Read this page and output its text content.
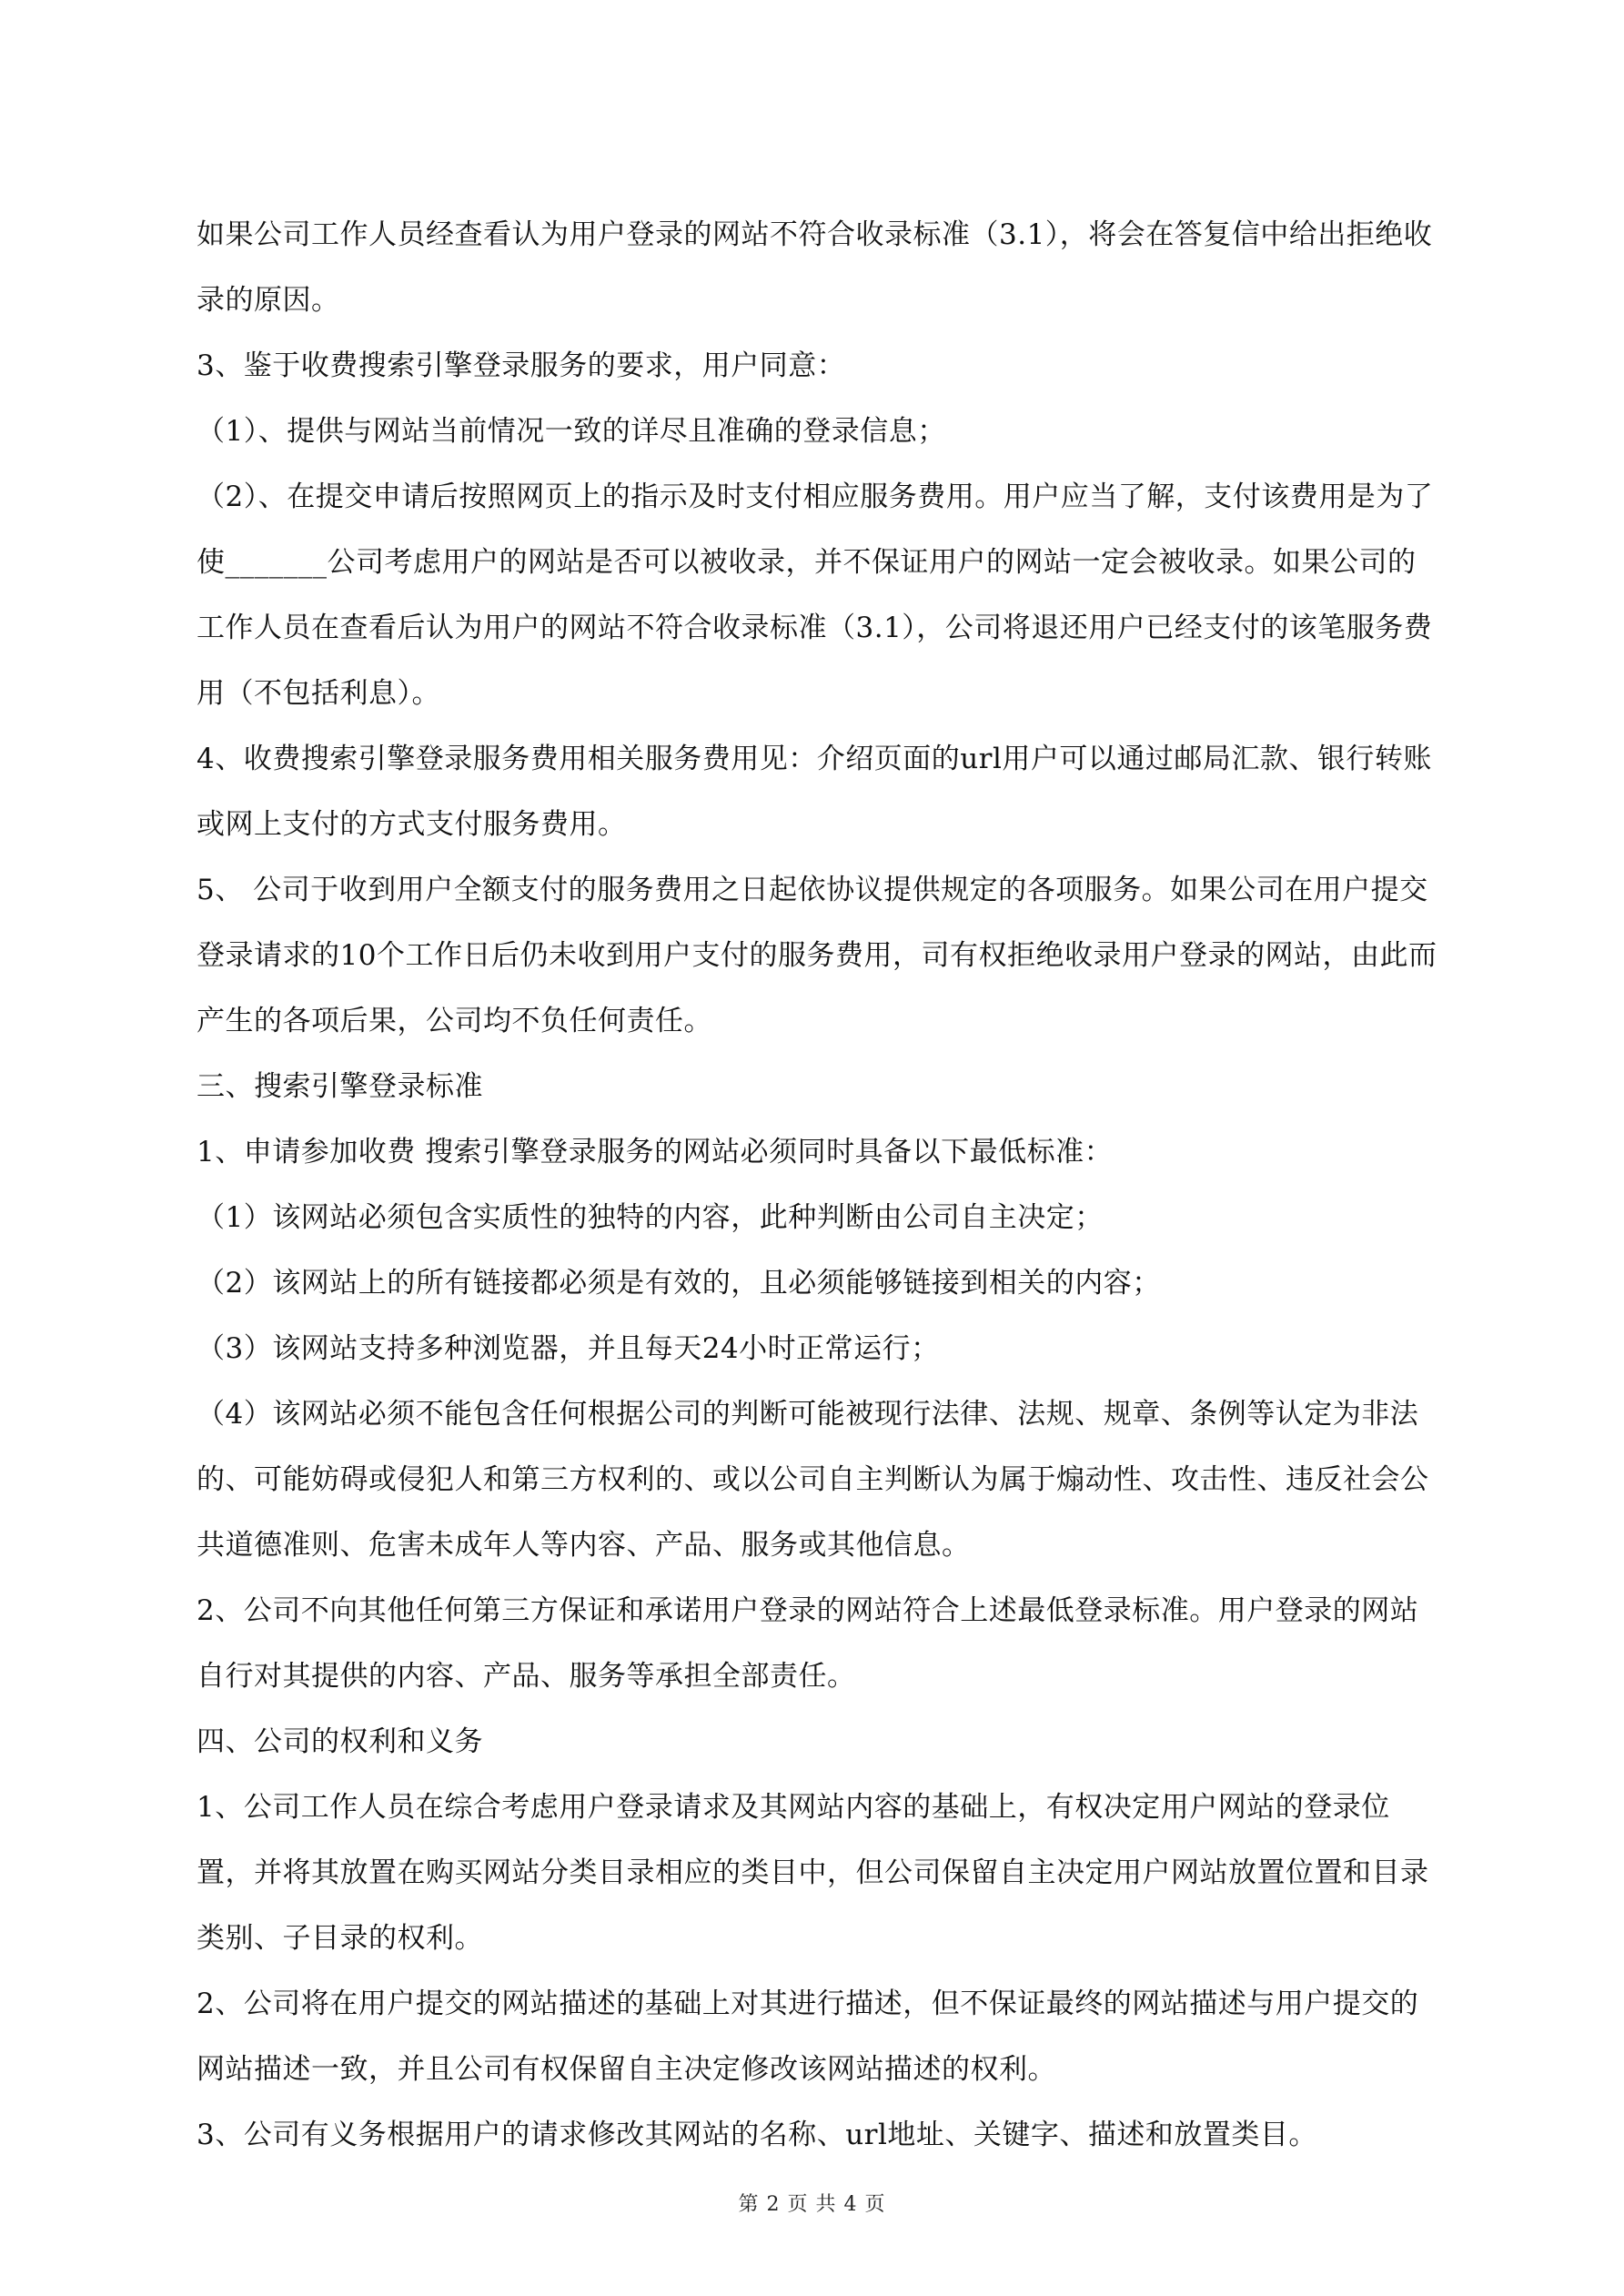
如果公司工作人员经查看认为用户登录的网站不符合收录标准（3.1），将会在答复信中给出拒绝收录的原因。

3、鉴于收费搜索引擎登录服务的要求，用户同意：

（1）、提供与网站当前情况一致的详尽且准确的登录信息；

（2）、在提交申请后按照网页上的指示及时支付相应服务费用。用户应当了解，支付该费用是为了使_______公司考虑用户的网站是否可以被收录，并不保证用户的网站一定会被收录。如果公司的工作人员在查看后认为用户的网站不符合收录标准（3.1），公司将退还用户已经支付的该笔服务费用（不包括利息）。

4、收费搜索引擎登录服务费用相关服务费用见：介绍页面的url用户可以通过邮局汇款、银行转账或网上支付的方式支付服务费用。

5、 公司于收到用户全额支付的服务费用之日起依协议提供规定的各项服务。如果公司在用户提交登录请求的10个工作日后仍未收到用户支付的服务费用，司有权拒绝收录用户登录的网站，由此而产生的各项后果，公司均不负任何责任。

三、搜索引擎登录标准

1、申请参加收费 搜索引擎登录服务的网站必须同时具备以下最低标准：

（1）该网站必须包含实质性的独特的内容，此种判断由公司自主决定；

（2）该网站上的所有链接都必须是有效的，且必须能够链接到相关的内容；

（3）该网站支持多种浏览器，并且每天24小时正常运行；

（4）该网站必须不能包含任何根据公司的判断可能被现行法律、法规、规章、条例等认定为非法的、可能妨碍或侵犯人和第三方权利的、或以公司自主判断认为属于煽动性、攻击性、违反社会公共道德准则、危害未成年人等内容、产品、服务或其他信息。

2、公司不向其他任何第三方保证和承诺用户登录的网站符合上述最低登录标准。用户登录的网站自行对其提供的内容、产品、服务等承担全部责任。

四、公司的权利和义务

1、公司工作人员在综合考虑用户登录请求及其网站内容的基础上，有权决定用户网站的登录位置，并将其放置在购买网站分类目录相应的类目中，但公司保留自主决定用户网站放置位置和目录类别、子目录的权利。

2、公司将在用户提交的网站描述的基础上对其进行描述，但不保证最终的网站描述与用户提交的网站描述一致，并且公司有权保留自主决定修改该网站描述的权利。

3、公司有义务根据用户的请求修改其网站的名称、url地址、关键字、描述和放置类目。

第 2 页 共 4 页
